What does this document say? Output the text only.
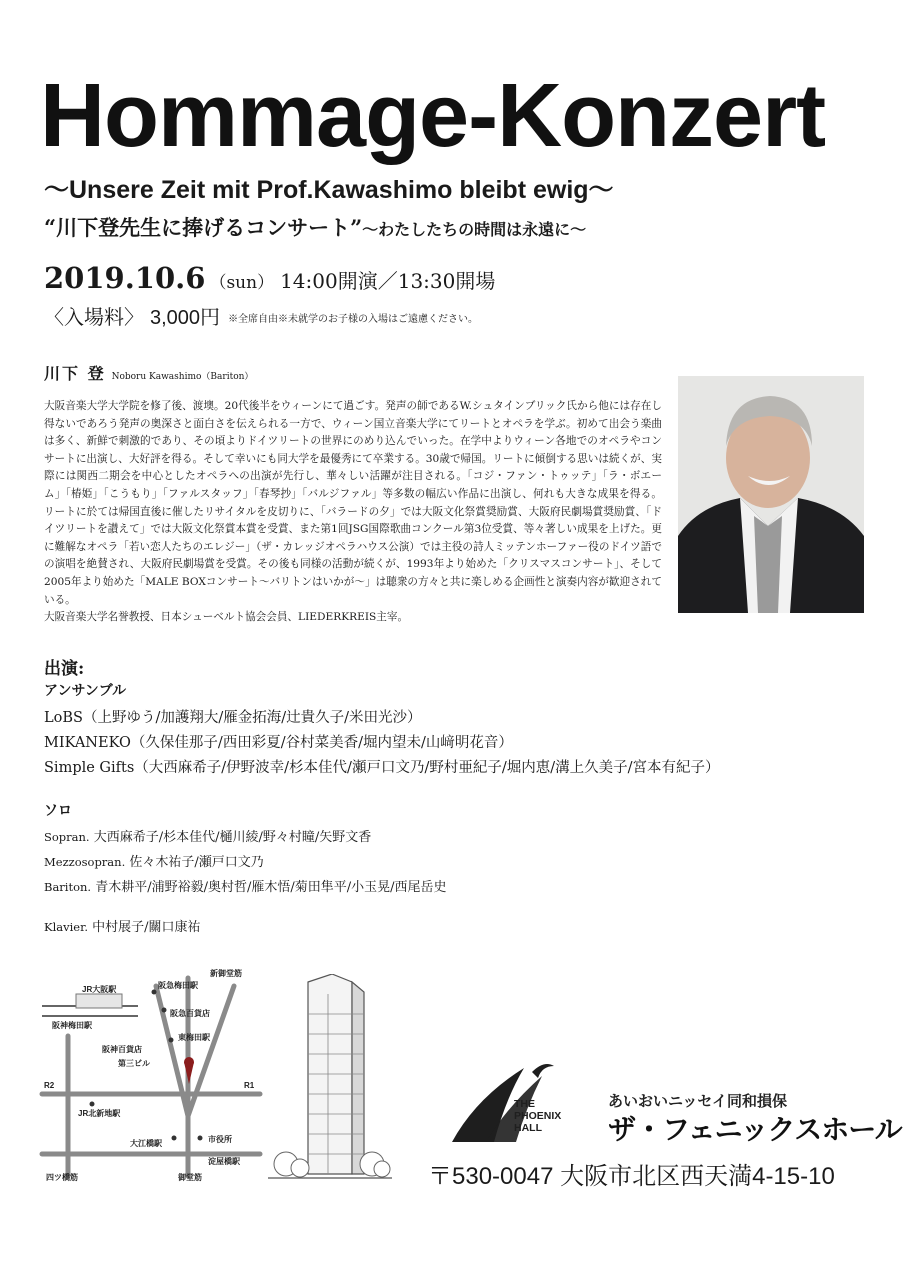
Hommage-Konzert
〜Unsere Zeit mit Prof.Kawashimo bleibt ewig〜
“川下登先生に捧げるコンサート”〜わたしたちの時間は永遠に〜
2019.10.6 （sun） 14:00開演／13:30開場
〈入場料〉 3,000円 ※全席自由※未就学のお子様の入場はご遠慮ください。
川下 登 Noboru Kawashimo（Bariton）

大阪音楽大学大学院を修了後、渡墺。20代後半をウィーンにて過ごす。発声の師であるW.シュタインブリック氏から他には存在し得ないであろう発声の奥深さと面白さを伝えられる一方で、ウィーン国立音楽大学にてリートとオペラを学ぶ。初めて出会う楽曲は多く、新鮮で刺激的であり、その頃よりドイツリートの世界にのめり込んでいった。在学中よりウィーン各地でのオペラやコンサートに出演し、大好評を得る。そして幸いにも同大学を最優秀にて卒業する。30歳で帰国。リートに傾倒する思いは続くが、実際には関西二期会を中心としたオペラへの出演が先行し、華々しい活躍が注目される。「コジ・ファン・トゥッテ」「ラ・ボエーム」「椿姫」「こうもり」「ファルスタッフ」「春琴抄」「バルジファル」等多数の幅広い作品に出演し、何れも大きな成果を得る。リートに於ては帰国直後に催したリサイタルを皮切りに、「バラードの夕」では大阪文化祭賞奨励賞、大阪府民劇場賞奨励賞、「ドイツリートを讃えて」では大阪文化祭賞本賞を受賞、また第1回JSG国際歌曲コンクール第3位受賞、等々著しい成果を上げた。更に難解なオペラ「若い恋人たちのエレジー」（ザ・カレッジオペラハウス公演）では主役の詩人ミッテンホーファー役のドイツ語での演唱を絶賛され、大阪府民劇場賞を受賞。その後も同様の活動が続くが、1993年より始めた「クリスマスコンサート」、そして2005年より始めた「MALE BOXコンサート〜バリトンはいかが〜」は聴衆の方々と共に楽しめる企画性と演奏内容が歓迎されている。

大阪音楽大学名誉教授、日本シューベルト協会会員、LIEDERKREIS主宰。

出演:
アンサンブル
LoBS（上野ゆう/加護翔大/雁金拓海/辻貴久子/米田光沙）
MIKANEKO（久保佳那子/西田彩夏/谷村菜美香/堀内望未/山﨑明花音）
Simple Gifts（大西麻希子/伊野波幸/杉本佳代/瀬戸口文乃/野村亜紀子/堀内恵/溝上久美子/宮本有紀子）
ソロ
Sopran. 大西麻希子/杉本佳代/樋川綾/野々村瞳/矢野文香
Mezzosopran. 佐々木祐子/瀬戸口文乃
Bariton. 青木耕平/浦野裕毅/奥村哲/雁木悟/菊田隼平/小玉晃/西尾岳史
Klavier. 中村展子/關口康祐
JR大阪駅	阪急梅田駅
新御堂筋
阪急百貨店
阪神梅田駅
東梅田駅
阪神百貨店
第三ビル
R2
JR北新地駅
R1
大江橋駅	市役所
淀屋橋駅
四ツ橋筋	御堂筋
THE
PHOENIX
HALL
あいおいニッセイ同和損保
ザ・フェニックスホール
〒530-0047 大阪市北区西天満4-15-10
